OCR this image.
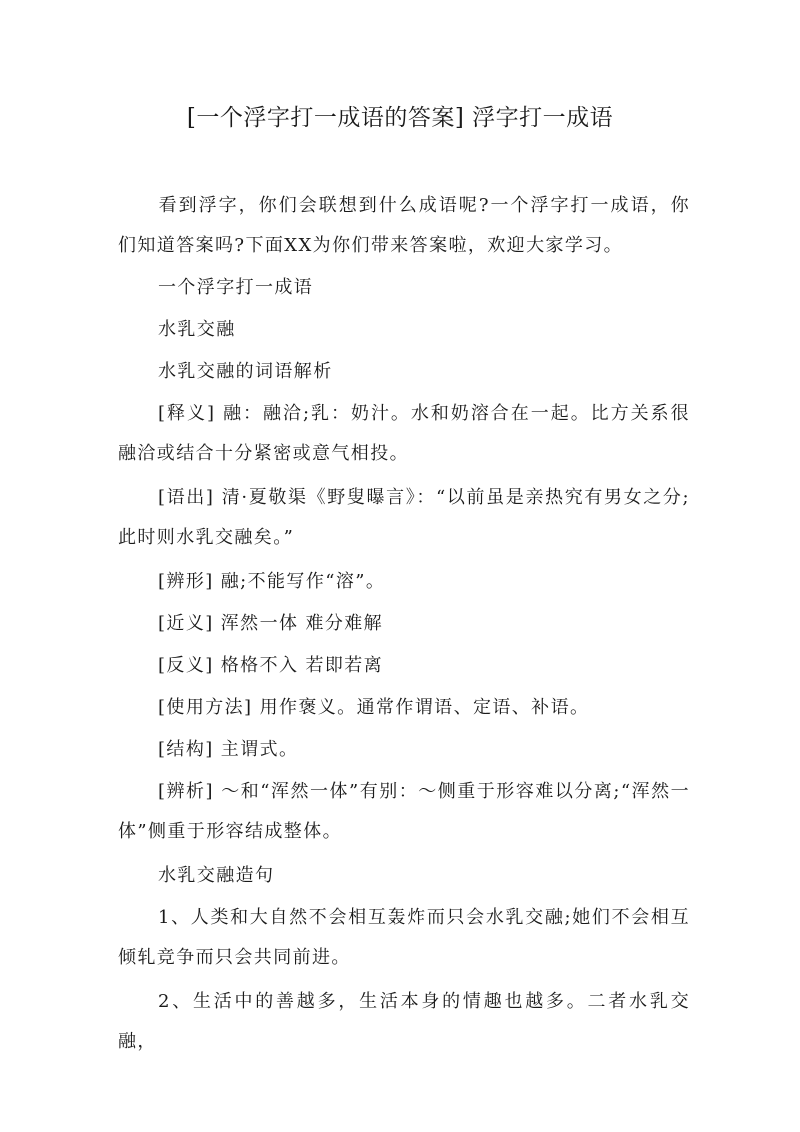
[一个浮字打一成语的答案] 浮字打一成语
看到浮字，你们会联想到什么成语呢?一个浮字打一成语，你们知道答案吗?下面XX为你们带来答案啦，欢迎大家学习。
一个浮字打一成语
水乳交融
水乳交融的词语解析
[释义] 融：融洽;乳：奶汁。水和奶溶合在一起。比方关系很融洽或结合十分紧密或意气相投。
[语出] 清·夏敬渠《野叟曝言》：“以前虽是亲热究有男女之分;此时则水乳交融矣。”
[辨形] 融;不能写作“溶”。
[近义] 浑然一体 难分难解
[反义] 格格不入 若即若离
[使用方法] 用作褒义。通常作谓语、定语、补语。
[结构] 主谓式。
[辨析] ～和“浑然一体”有别：～侧重于形容难以分离;“浑然一体”侧重于形容结成整体。
水乳交融造句
1、人类和大自然不会相互轰炸而只会水乳交融;她们不会相互倾轧竞争而只会共同前进。
2、生活中的善越多，生活本身的情趣也越多。二者水乳交融，
